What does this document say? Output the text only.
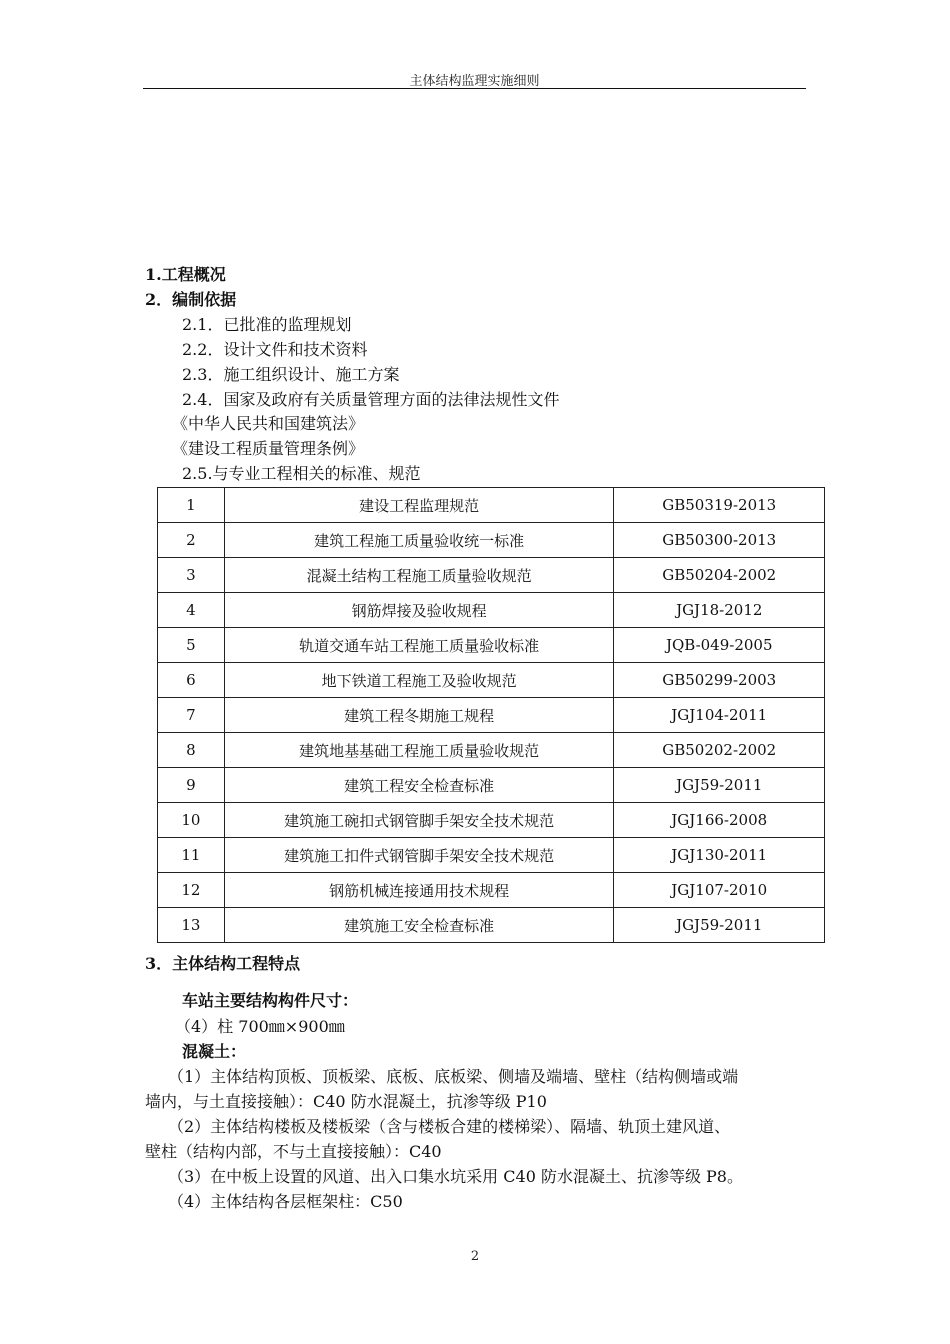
主体结构监理实施细则
1.工程概况
2．编制依据
2.1．已批准的监理规划
2.2．设计文件和技术资料
2.3．施工组织设计、施工方案
2.4．国家及政府有关质量管理方面的法律法规性文件
《中华人民共和国建筑法》
《建设工程质量管理条例》
2.5.与专业工程相关的标准、规范
1	建设工程监理规范	GB50319-2013
2	建筑工程施工质量验收统一标准	GB50300-2013
3	混凝土结构工程施工质量验收规范	GB50204-2002
4	钢筋焊接及验收规程	JGJ18-2012
5	轨道交通车站工程施工质量验收标准	JQB-049-2005
6	地下铁道工程施工及验收规范	GB50299-2003
7	建筑工程冬期施工规程	JGJ104-2011
8	建筑地基基础工程施工质量验收规范	GB50202-2002
9	建筑工程安全检查标准	JGJ59-2011
10	建筑施工碗扣式钢管脚手架安全技术规范	JGJ166-2008
11	建筑施工扣件式钢管脚手架安全技术规范	JGJ130-2011
12	钢筋机械连接通用技术规程	JGJ107-2010
13	建筑施工安全检查标准	JGJ59-2011
3．主体结构工程特点
车站主要结构构件尺寸：
（4）柱 700㎜×900㎜
混凝土：
（1）主体结构顶板、顶板梁、底板、底板梁、侧墙及端墙、壁柱（结构侧墙或端
墙内，与土直接接触）：C40 防水混凝土，抗渗等级 P10
（2）主体结构楼板及楼板梁（含与楼板合建的楼梯梁）、隔墙、轨顶土建风道、
壁柱（结构内部，不与土直接接触）：C40
（3）在中板上设置的风道、出入口集水坑采用 C40 防水混凝土、抗渗等级 P8。
（4）主体结构各层框架柱：C50
2
